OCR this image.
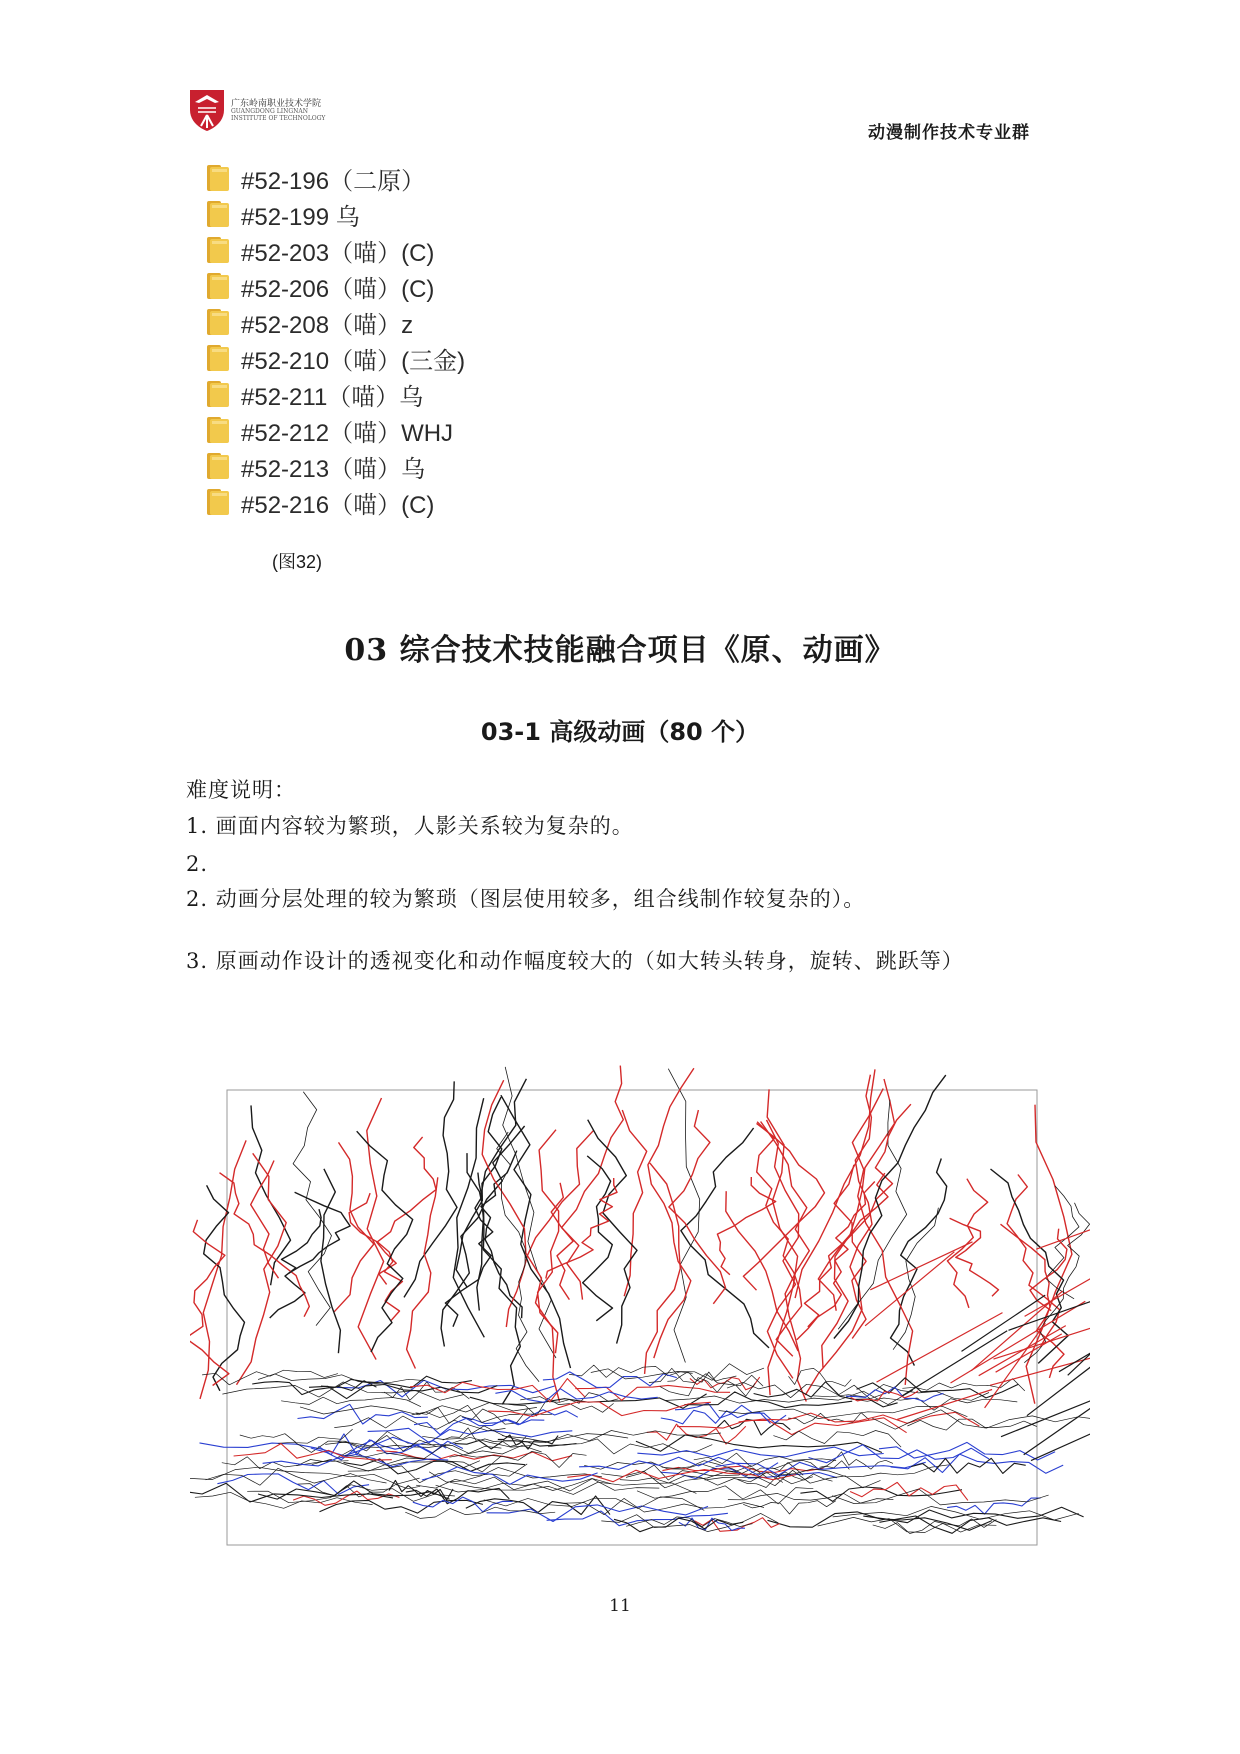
广东岭南职业技术学院
GUANGDONG LINGNAN
INSTITUTE OF TECHNOLOGY
动漫制作技术专业群
#52-196（二原）
#52-199 乌
#52-203（喵）(C)
#52-206（喵）(C)
#52-208（喵）z
#52-210（喵）(三金)
#52-211（喵）乌
#52-212（喵）WHJ
#52-213（喵）乌
#52-216（喵）(C)
(图32)
03 综合技术技能融合项目《原、动画》
03-1 高级动画（80 个）
难度说明：
1. 画面内容较为繁琐，人影关系较为复杂的。
2.
2. 动画分层处理的较为繁琐（图层使用较多，组合线制作较复杂的）。
3. 原画动作设计的透视变化和动作幅度较大的（如大转头转身，旋转、跳跃等）
11
